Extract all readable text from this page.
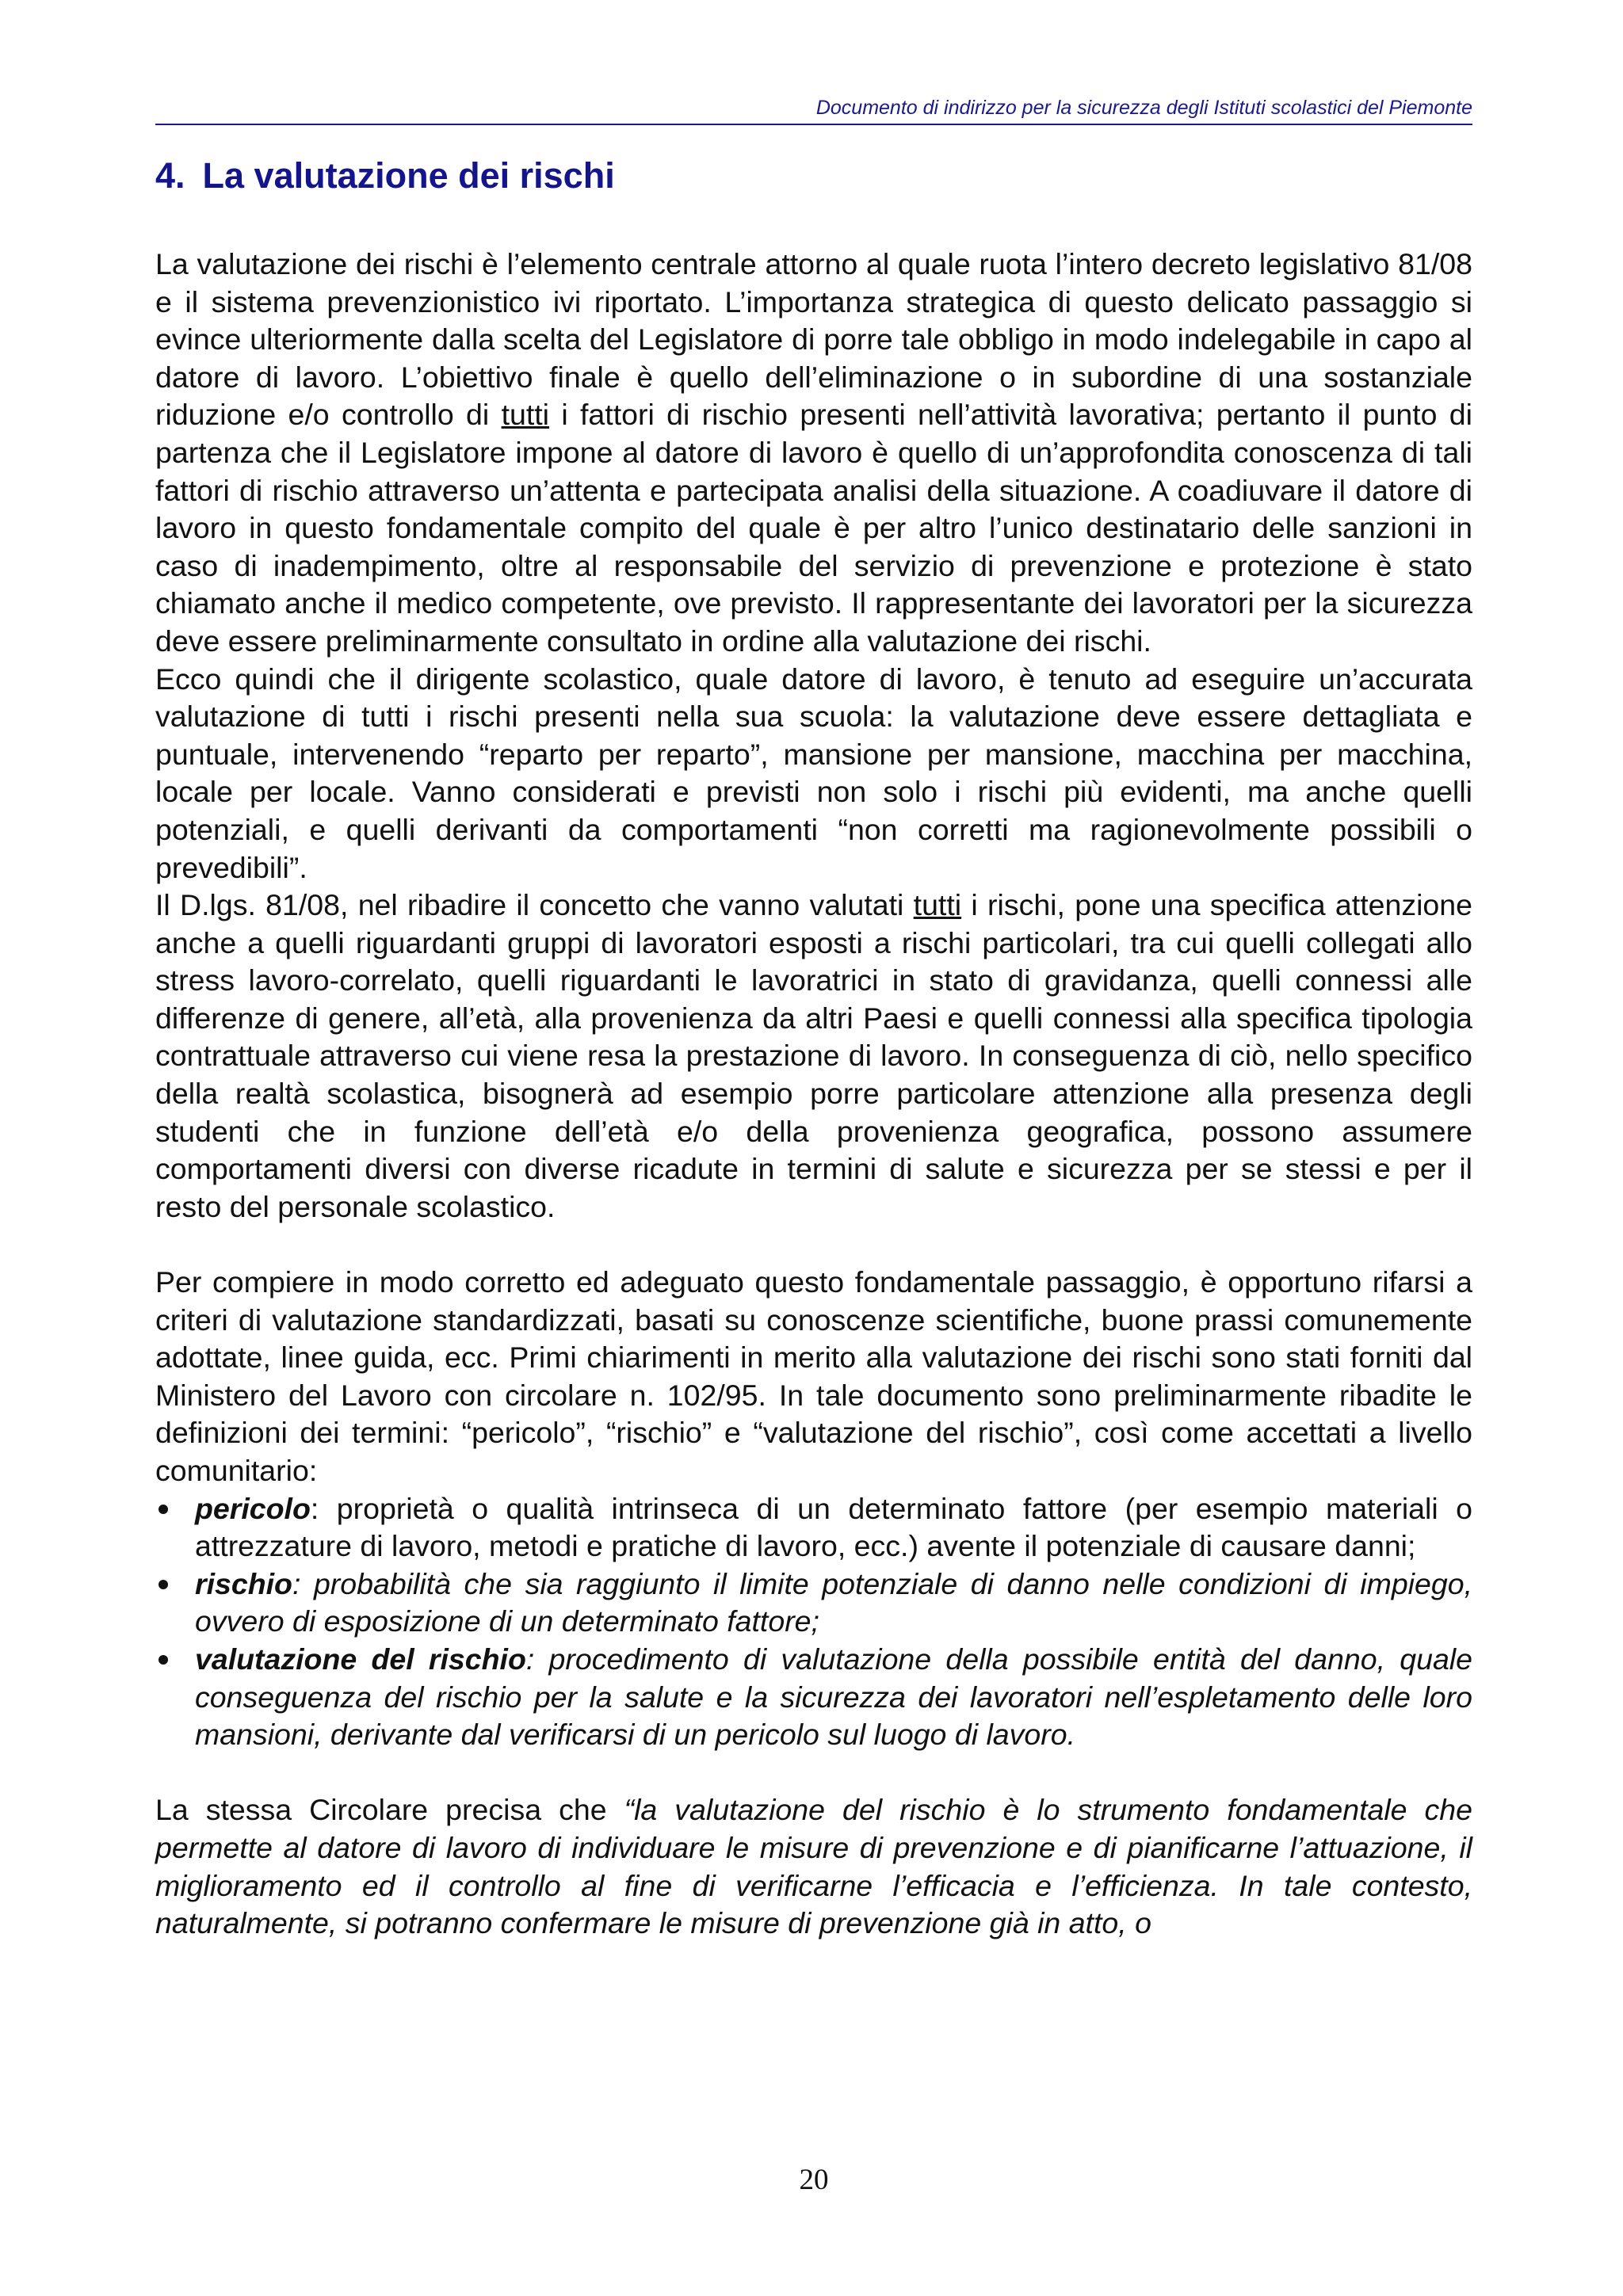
Documento di indirizzo per la sicurezza degli Istituti scolastici del Piemonte
4. La valutazione dei rischi

La valutazione dei rischi è l’elemento centrale attorno al quale ruota l’intero decreto legislativo 81/08 e il sistema prevenzionistico ivi riportato. L’importanza strategica di questo delicato passaggio si evince ulteriormente dalla scelta del Legislatore di porre tale obbligo in modo indelegabile in capo al datore di lavoro. L’obiettivo finale è quello dell’eliminazione o in subordine di una sostanziale riduzione e/o controllo di tutti i fattori di rischio presenti nell’attività lavorativa; pertanto il punto di partenza che il Legislatore impone al datore di lavoro è quello di un’approfondita conoscenza di tali fattori di rischio attraverso un’attenta e partecipata analisi della situazione. A coadiuvare il datore di lavoro in questo fondamentale compito del quale è per altro l’unico destinatario delle sanzioni in caso di inadempimento, oltre al responsabile del servizio di prevenzione e protezione è stato chiamato anche il medico competente, ove previsto. Il rappresentante dei lavoratori per la sicurezza deve essere preliminarmente consultato in ordine alla valutazione dei rischi.

Ecco quindi che il dirigente scolastico, quale datore di lavoro, è tenuto ad eseguire un’accurata valutazione di tutti i rischi presenti nella sua scuola: la valutazione deve essere dettagliata e puntuale, intervenendo “reparto per reparto”, mansione per mansione, macchina per macchina, locale per locale. Vanno considerati e previsti non solo i rischi più evidenti, ma anche quelli potenziali, e quelli derivanti da comportamenti “non corretti ma ragionevolmente possibili o prevedibili”.

Il D.lgs. 81/08, nel ribadire il concetto che vanno valutati tutti i rischi, pone una specifica attenzione anche a quelli riguardanti gruppi di lavoratori esposti a rischi particolari, tra cui quelli collegati allo stress lavoro-correlato, quelli riguardanti le lavoratrici in stato di gravidanza, quelli connessi alle differenze di genere, all’età, alla provenienza da altri Paesi e quelli connessi alla specifica tipologia contrattuale attraverso cui viene resa la prestazione di lavoro. In conseguenza di ciò, nello specifico della realtà scolastica, bisognerà ad esempio porre particolare attenzione alla presenza degli studenti che in funzione dell’età e/o della provenienza geografica, possono assumere comportamenti diversi con diverse ricadute in termini di salute e sicurezza per se stessi e per il resto del personale scolastico.

Per compiere in modo corretto ed adeguato questo fondamentale passaggio, è opportuno rifarsi a criteri di valutazione standardizzati, basati su conoscenze scientifiche, buone prassi comunemente adottate, linee guida, ecc. Primi chiarimenti in merito alla valutazione dei rischi sono stati forniti dal Ministero del Lavoro con circolare n. 102/95. In tale documento sono preliminarmente ribadite le definizioni dei termini: “pericolo”, “rischio” e “valutazione del rischio”, così come accettati a livello comunitario:

pericolo: proprietà o qualità intrinseca di un determinato fattore (per esempio materiali o attrezzature di lavoro, metodi e pratiche di lavoro, ecc.) avente il potenziale di causare danni;
rischio: probabilità che sia raggiunto il limite potenziale di danno nelle condizioni di impiego, ovvero di esposizione di un determinato fattore;
valutazione del rischio: procedimento di valutazione della possibile entità del danno, quale conseguenza del rischio per la salute e la sicurezza dei lavoratori nell’espletamento delle loro mansioni, derivante dal verificarsi di un pericolo sul luogo di lavoro.

La stessa Circolare precisa che “la valutazione del rischio è lo strumento fondamentale che permette al datore di lavoro di individuare le misure di prevenzione e di pianificarne l’attuazione, il miglioramento ed il controllo al fine di verificarne l’efficacia e l’efficienza. In tale contesto, naturalmente, si potranno confermare le misure di prevenzione già in atto, o

20
